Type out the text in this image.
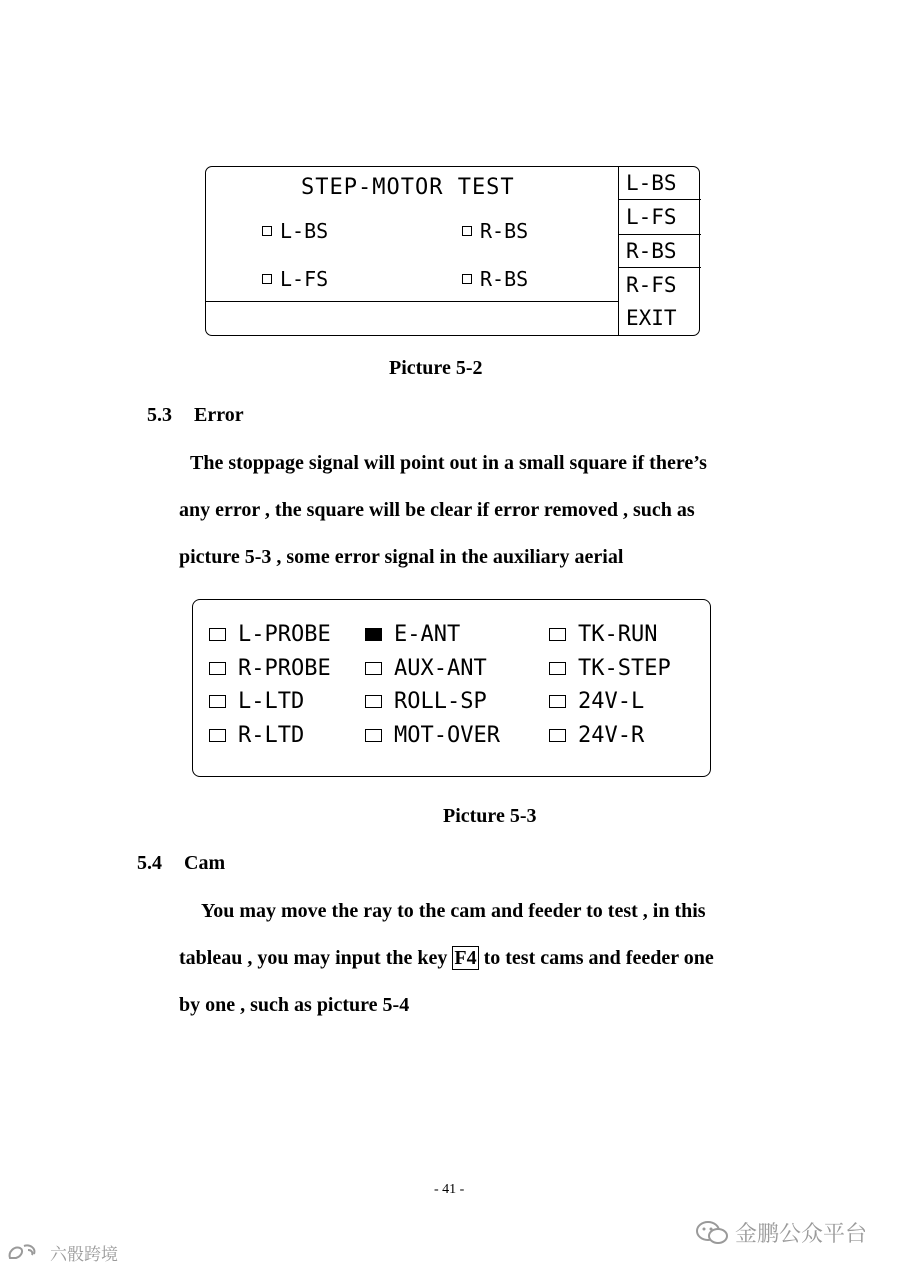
STEP-MOTOR TEST
L-BS	R-BS
L-FS	R-BS
L-BS
L-FS
R-BS
R-FS
EXIT
Picture 5-2
5.3 Error
The stoppage signal will point out in a small square if there’s
any error , the square will be clear if error removed , such as
picture 5-3 , some error signal in the auxiliary aerial
L-PROBE	E-ANT	TK-RUN
R-PROBE	AUX-ANT	TK-STEP
L-LTD	ROLL-SP	24V-L
R-LTD	MOT-OVER	24V-R
Picture 5-3
5.4 Cam
You may move the ray to the cam and feeder to test , in this
tableau , you may input the key F4 to test cams and feeder one
by one , such as picture 5-4
- 41 -
金鹏公众平台
六骰跨境
